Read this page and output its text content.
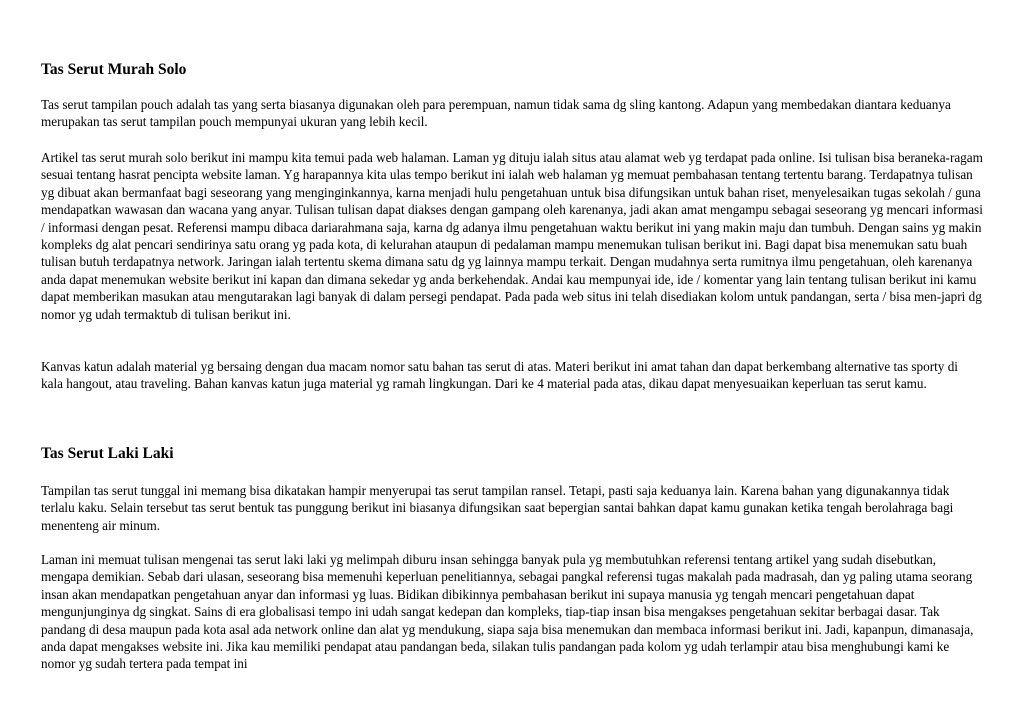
Tas Serut Murah Solo

Tas serut tampilan pouch adalah tas yang serta biasanya digunakan oleh para perempuan, namun tidak sama dg sling kantong. Adapun yang membedakan diantara keduanya merupakan tas serut tampilan pouch mempunyai ukuran yang lebih kecil.

Artikel tas serut murah solo berikut ini mampu kita temui pada web halaman. Laman yg dituju ialah situs atau alamat web yg terdapat pada online. Isi tulisan bisa beraneka-ragam sesuai tentang hasrat pencipta website laman. Yg harapannya kita ulas tempo berikut ini ialah web halaman yg memuat pembahasan tentang tertentu barang. Terdapatnya tulisan yg dibuat akan bermanfaat bagi seseorang yang menginginkannya, karna menjadi hulu pengetahuan untuk bisa difungsikan untuk bahan riset, menyelesaikan tugas sekolah / guna mendapatkan wawasan dan wacana yang anyar. Tulisan tulisan dapat diakses dengan gampang oleh karenanya, jadi akan amat mengampu sebagai seseorang yg mencari informasi / informasi dengan pesat. Referensi mampu dibaca dariarahmana saja, karna dg adanya ilmu pengetahuan waktu berikut ini yang makin maju dan tumbuh. Dengan sains yg makin kompleks dg alat pencari sendirinya satu orang yg pada kota, di kelurahan ataupun di pedalaman mampu menemukan tulisan berikut ini. Bagi dapat bisa menemukan satu buah tulisan butuh terdapatnya network. Jaringan ialah tertentu skema dimana satu dg yg lainnya mampu terkait. Dengan mudahnya serta rumitnya ilmu pengetahuan, oleh karenanya anda dapat menemukan website berikut ini kapan dan dimana sekedar yg anda berkehendak. Andai kau mempunyai ide, ide / komentar yang lain tentang tulisan berikut ini kamu dapat memberikan masukan atau mengutarakan lagi banyak di dalam persegi pendapat. Pada pada web situs ini telah disediakan kolom untuk pandangan, serta / bisa men-japri dg nomor yg udah termaktub di tulisan berikut ini.

Kanvas katun adalah material yg bersaing dengan dua macam nomor satu bahan tas serut di atas. Materi berikut ini amat tahan dan dapat berkembang alternative tas sporty di kala hangout, atau traveling. Bahan kanvas katun juga material yg ramah lingkungan. Dari ke 4 material pada atas, dikau dapat menyesuaikan keperluan tas serut kamu.

Tas Serut Laki Laki

Tampilan tas serut tunggal ini memang bisa dikatakan hampir menyerupai tas serut tampilan ransel. Tetapi, pasti saja keduanya lain. Karena bahan yang digunakannya tidak terlalu kaku. Selain tersebut tas serut bentuk tas punggung berikut ini biasanya difungsikan saat bepergian santai bahkan dapat kamu gunakan ketika tengah berolahraga bagi menenteng air minum.

Laman ini memuat tulisan mengenai tas serut laki laki yg melimpah diburu insan sehingga banyak pula yg membutuhkan referensi tentang artikel yang sudah disebutkan, mengapa demikian. Sebab dari ulasan, seseorang bisa memenuhi keperluan penelitiannya, sebagai pangkal referensi tugas makalah pada madrasah, dan yg paling utama seorang insan akan mendapatkan pengetahuan anyar dan informasi yg luas. Bidikan dibikinnya pembahasan berikut ini supaya manusia yg tengah mencari pengetahuan dapat mengunjunginya dg singkat. Sains di era globalisasi tempo ini udah sangat kedepan dan kompleks, tiap-tiap insan bisa mengakses pengetahuan sekitar berbagai dasar. Tak pandang di desa maupun pada kota asal ada network online dan alat yg mendukung, siapa saja bisa menemukan dan membaca informasi berikut ini. Jadi, kapanpun, dimanasaja, anda dapat mengakses website ini. Jika kau memiliki pendapat atau pandangan beda, silakan tulis pandangan pada kolom yg udah terlampir atau bisa menghubungi kami ke nomor yg sudah tertera pada tempat ini
